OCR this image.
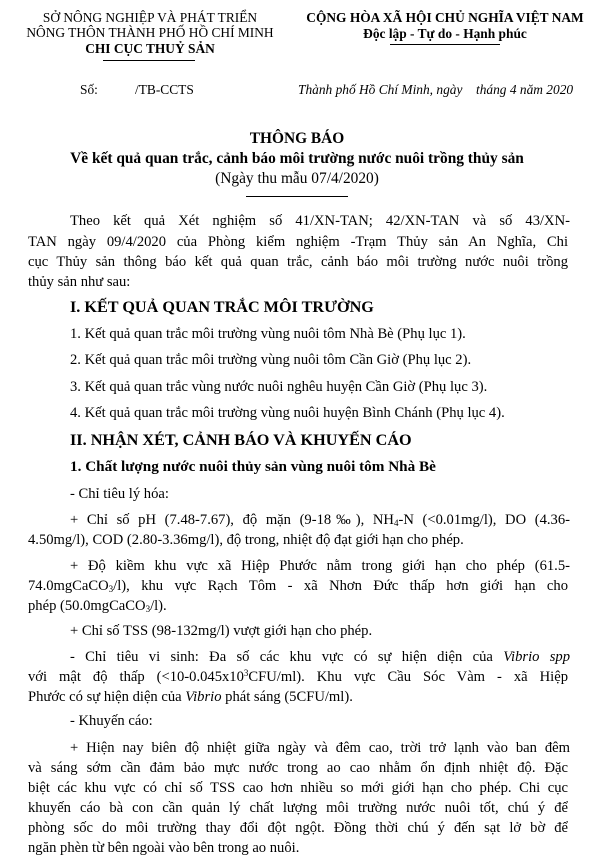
SỞ NÔNG NGHIỆP VÀ PHÁT TRIỂN
NÔNG THÔN THÀNH PHỐ HỒ CHÍ MINH
CHI CỤC THUỶ SẢN
CỘNG HÒA XÃ HỘI CHỦ NGHĨA VIỆT NAM
Độc lập - Tự do - Hạnh phúc
Số:	/TB-CCTS	Thành phố Hồ Chí Minh, ngày tháng 4 năm 2020
THÔNG BÁO
Về kết quả quan trắc, cảnh báo môi trường nước nuôi trồng thủy sản
(Ngày thu mẫu 07/4/2020)
Theo kết quả Xét nghiệm số 41/XN-TAN; 42/XN-TAN và số 43/XN-
TAN ngày 09/4/2020 của Phòng kiểm nghiệm -Trạm Thủy sản An Nghĩa, Chi
cục Thủy sản thông báo kết quả quan trắc, cảnh báo môi trường nước nuôi trồng
thủy sản như sau:
I. KẾT QUẢ QUAN TRẮC MÔI TRƯỜNG
1. Kết quả quan trắc môi trường vùng nuôi tôm Nhà Bè (Phụ lục 1).
2. Kết quả quan trắc môi trường vùng nuôi tôm Cần Giờ (Phụ lục 2).
3. Kết quả quan trắc vùng nước nuôi nghêu huyện Cần Giờ (Phụ lục 3).
4. Kết quả quan trắc môi trường vùng nuôi huyện Bình Chánh (Phụ lục 4).
II. NHẬN XÉT, CẢNH BÁO VÀ KHUYẾN CÁO
1. Chất lượng nước nuôi thủy sản vùng nuôi tôm Nhà Bè
- Chỉ tiêu lý hóa:
+ Chỉ số pH (7.48-7.67), độ mặn (9-18‰), $NH_4-N$ (<0.01mg/l), DO (4.36-
4.50mg/l), COD (2.80-3.36mg/l), độ trong, nhiệt độ đạt giới hạn cho phép.
+ Độ kiềm khu vực xã Hiệp Phước nằm trong giới hạn cho phép (61.5-
74.0mgCaCO$_3$/l), khu vực Rạch Tôm - xã Nhơn Đức thấp hơn giới hạn cho
phép (50.0mgCaCO$_3$/l).
+ Chỉ số TSS (98-132mg/l) vượt giới hạn cho phép.
- Chỉ tiêu vi sinh: Đa số các khu vực có sự hiện diện của Vibrio spp
với mật độ thấp $(<10-0.045x10^3CFU/ml)$. Khu vực Cầu Sóc Vàm - xã Hiệp
Phước có sự hiện diện của Vibrio phát sáng (5CFU/ml).
- Khuyến cáo:
+ Hiện nay biên độ nhiệt giữa ngày và đêm cao, trời trở lạnh vào ban đêm
và sáng sớm cần đảm bảo mực nước trong ao cao nhằm ổn định nhiệt độ. Đặc
biệt các khu vực có chỉ số TSS cao hơn nhiều so mới giới hạn cho phép. Chi cục
khuyến cáo bà con cần quản lý chất lượng môi trường nước nuôi tốt, chú ý để
phòng sốc do môi trường thay đổi đột ngột. Đồng thời chú ý đến sạt lở bờ để
ngăn phèn từ bên ngoài vào bên trong ao nuôi.
